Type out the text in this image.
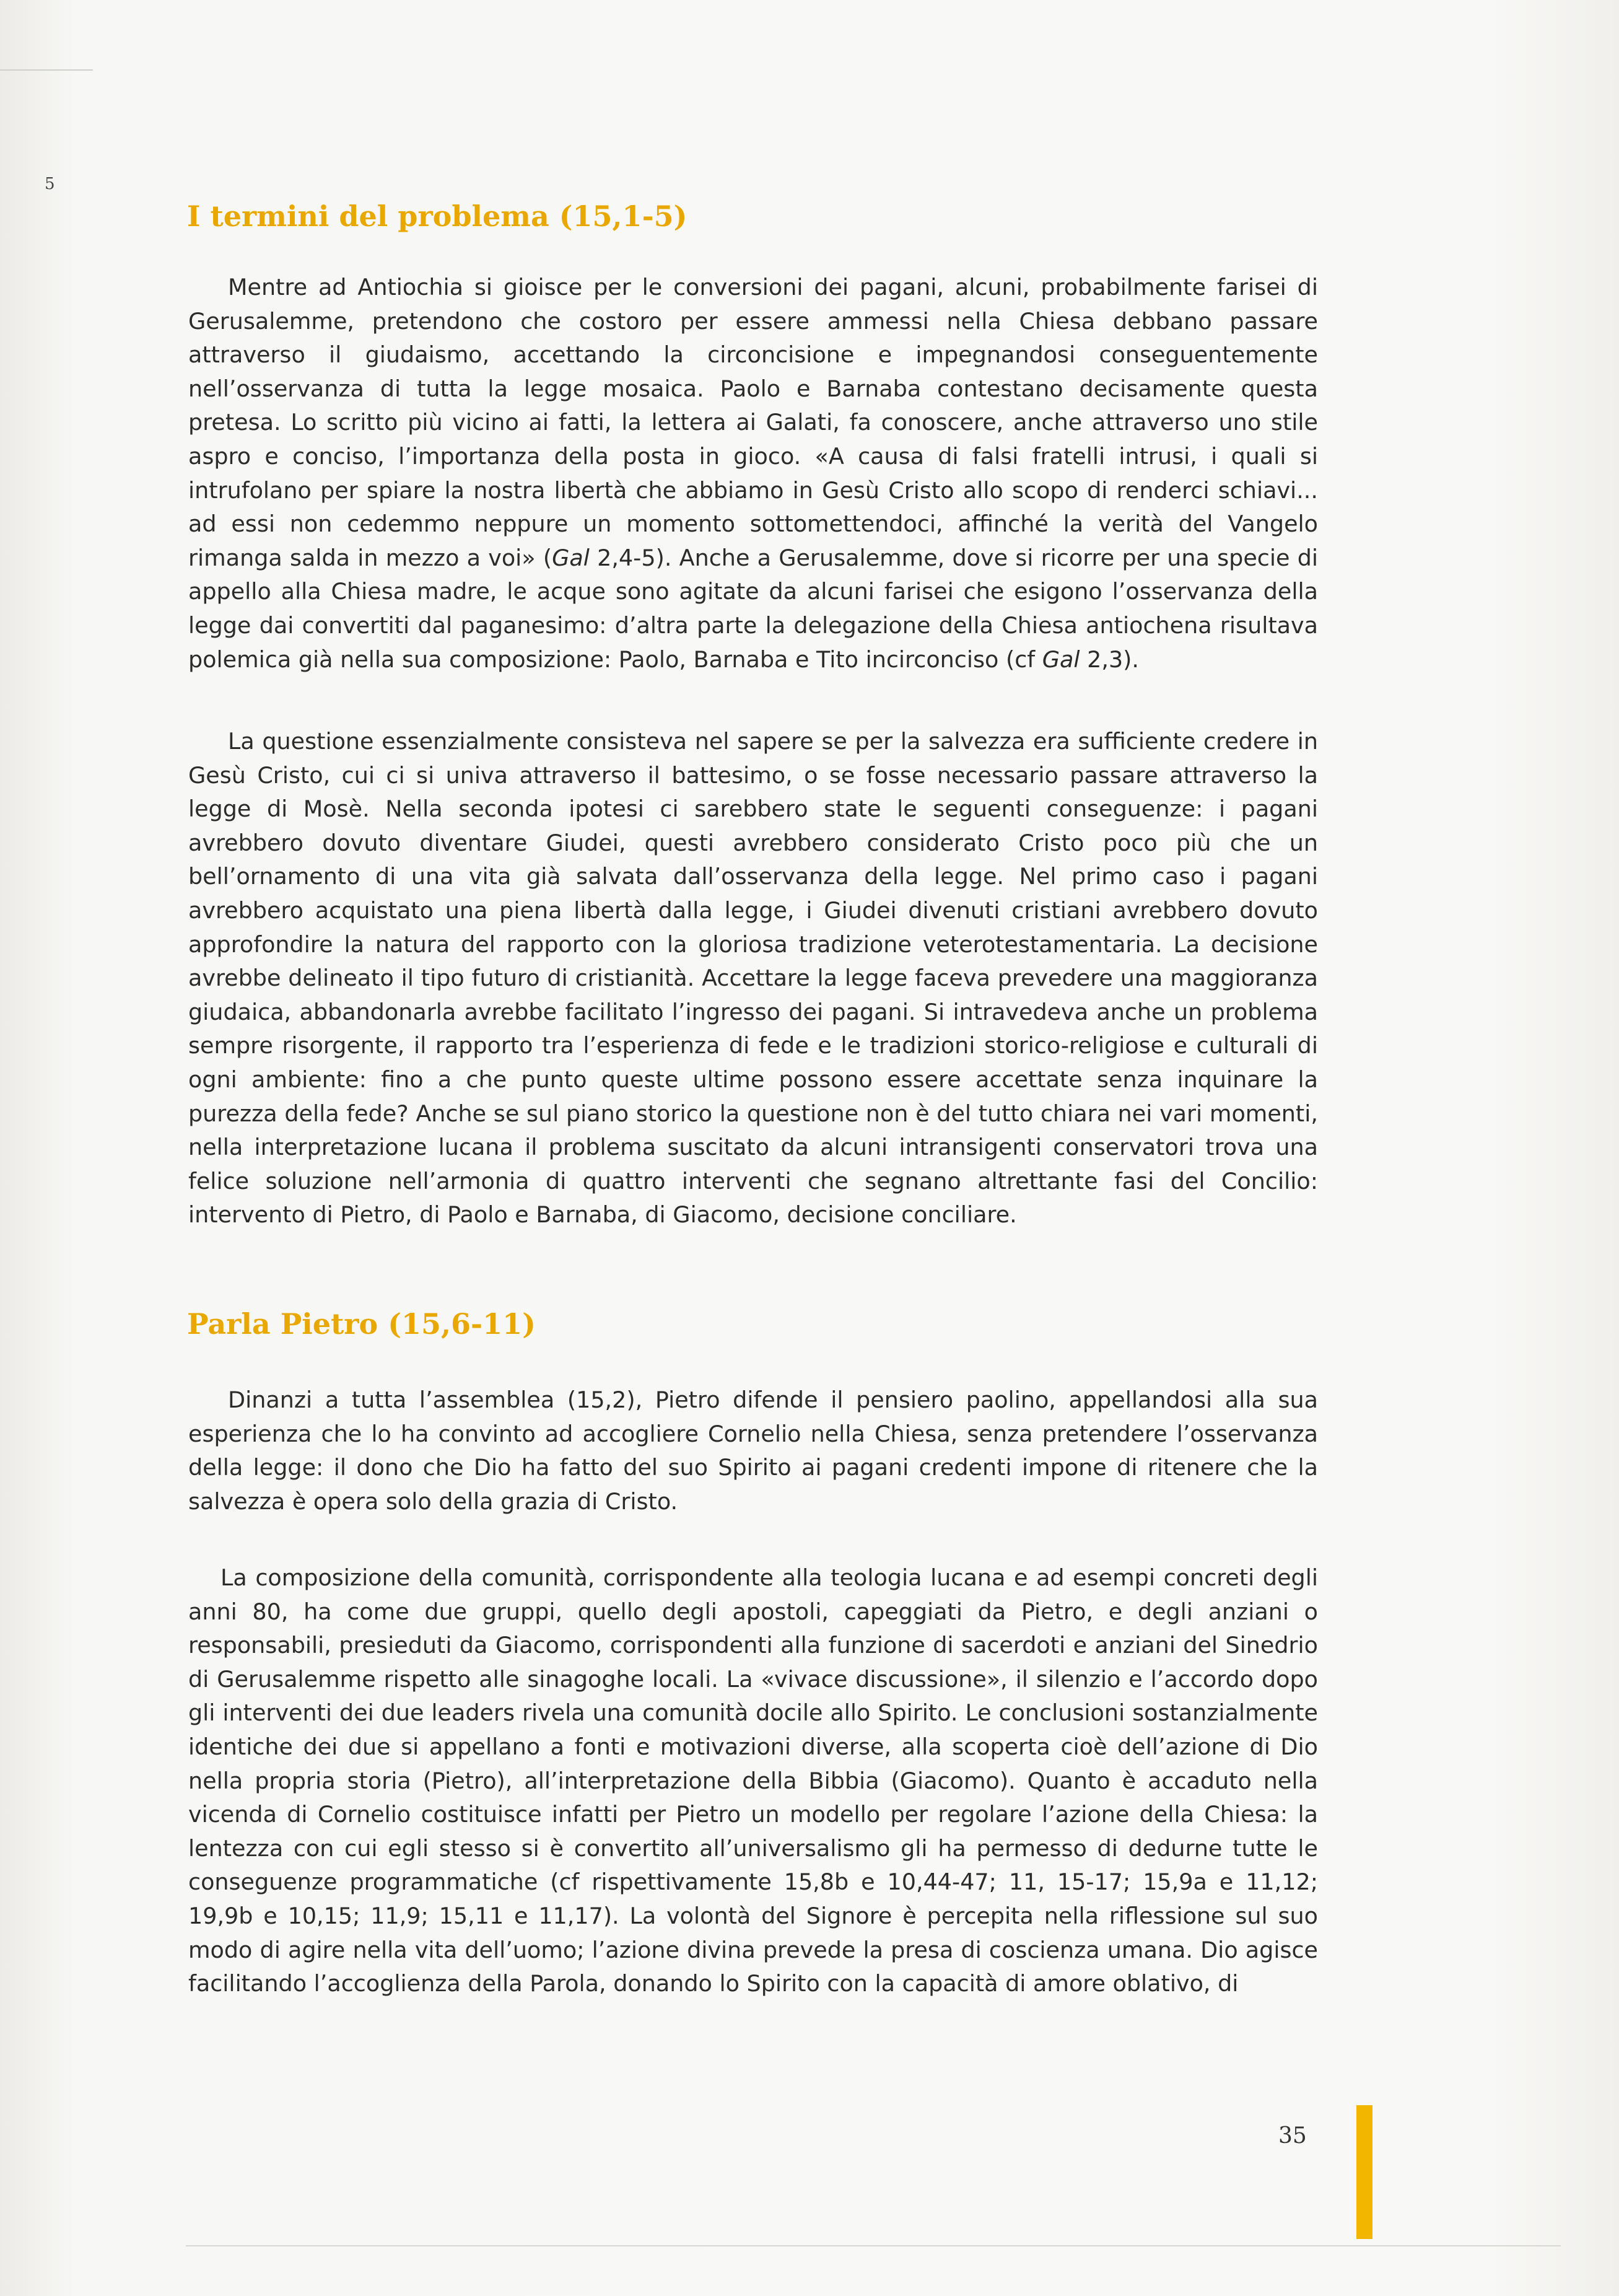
5
I termini del problema (15,1-5)

Mentre ad Antiochia si gioisce per le conversioni dei pagani, alcuni, probabilmente farisei di Gerusalemme, pretendono che costoro per essere ammessi nella Chiesa debbano passare attraverso il giudaismo, accettando la circoncisione e impegnandosi conseguentemente nell’osservanza di tutta la legge mosaica. Paolo e Barnaba contestano decisamente questa pretesa. Lo scritto più vicino ai fatti, la lettera ai Galati, fa conoscere, anche attraverso uno stile aspro e conciso, l’importanza della posta in gioco. «A causa di falsi fratelli intrusi, i quali si intrufolano per spiare la nostra libertà che abbiamo in Gesù Cristo allo scopo di renderci schiavi... ad essi non cedemmo neppure un momento sottomettendoci, affinché la verità del Vangelo rimanga salda in mezzo a voi» (Gal 2,4-5). Anche a Gerusalemme, dove si ricorre per una specie di appello alla Chiesa madre, le acque sono agitate da alcuni farisei che esigono l’osservanza della legge dai convertiti dal paganesimo: d’altra parte la delegazione della Chiesa antiochena risultava polemica già nella sua composizione: Paolo, Barnaba e Tito incirconciso (cf Gal 2,3).

La questione essenzialmente consisteva nel sapere se per la salvezza era sufficiente credere in Gesù Cristo, cui ci si univa attraverso il battesimo, o se fosse necessario passare attraverso la legge di Mosè. Nella seconda ipotesi ci sarebbero state le seguenti conseguenze: i pagani avrebbero dovuto diventare Giudei, questi avrebbero considerato Cristo poco più che un bell’ornamento di una vita già salvata dall’osservanza della legge. Nel primo caso i pagani avrebbero acquistato una piena libertà dalla legge, i Giudei divenuti cristiani avrebbero dovuto approfondire la natura del rapporto con la gloriosa tradizione veterotestamentaria. La decisione avrebbe delineato il tipo futuro di cristianità. Accettare la legge faceva prevedere una maggioranza giudaica, abbandonarla avrebbe facilitato l’ingresso dei pagani. Si intravedeva anche un problema sempre risorgente, il rapporto tra l’esperienza di fede e le tradizioni storico-religiose e culturali di ogni ambiente: fino a che punto queste ultime possono essere accettate senza inquinare la purezza della fede? Anche se sul piano storico la questione non è del tutto chiara nei vari momenti, nella interpretazione lucana il problema suscitato da alcuni intransigenti conservatori trova una felice soluzione nell’armonia di quattro interventi che segnano altrettante fasi del Concilio: intervento di Pietro, di Paolo e Barnaba, di Giacomo, decisione conciliare.

Parla Pietro (15,6-11)

Dinanzi a tutta l’assemblea (15,2), Pietro difende il pensiero paolino, appellandosi alla sua esperienza che lo ha convinto ad accogliere Cornelio nella Chiesa, senza pretendere l’osservanza della legge: il dono che Dio ha fatto del suo Spirito ai pagani credenti impone di ritenere che la salvezza è opera solo della grazia di Cristo.

La composizione della comunità, corrispondente alla teologia lucana e ad esempi concreti degli anni 80, ha come due gruppi, quello degli apostoli, capeggiati da Pietro, e degli anziani o responsabili, presieduti da Giacomo, corrispondenti alla funzione di sacerdoti e anziani del Sinedrio di Gerusalemme rispetto alle sinagoghe locali. La «vivace discussione», il silenzio e l’accordo dopo gli interventi dei due leaders rivela una comunità docile allo Spirito. Le conclusioni sostanzialmente identiche dei due si appellano a fonti e motivazioni diverse, alla scoperta cioè dell’azione di Dio nella propria storia (Pietro), all’interpretazione della Bibbia (Giacomo). Quanto è accaduto nella vicenda di Cornelio costituisce infatti per Pietro un modello per regolare l’azione della Chiesa: la lentezza con cui egli stesso si è convertito all’universalismo gli ha permesso di dedurne tutte le conseguenze programmatiche (cf rispettivamente 15,8b e 10,44-47; 11, 15-17; 15,9a e 11,12; 19,9b e 10,15; 11,9; 15,11 e 11,17). La volontà del Signore è percepita nella riflessione sul suo modo di agire nella vita dell’uomo; l’azione divina prevede la presa di coscienza umana. Dio agisce facilitando l’accoglienza della Parola, donando lo Spirito con la capacità di amore oblativo, di

35
